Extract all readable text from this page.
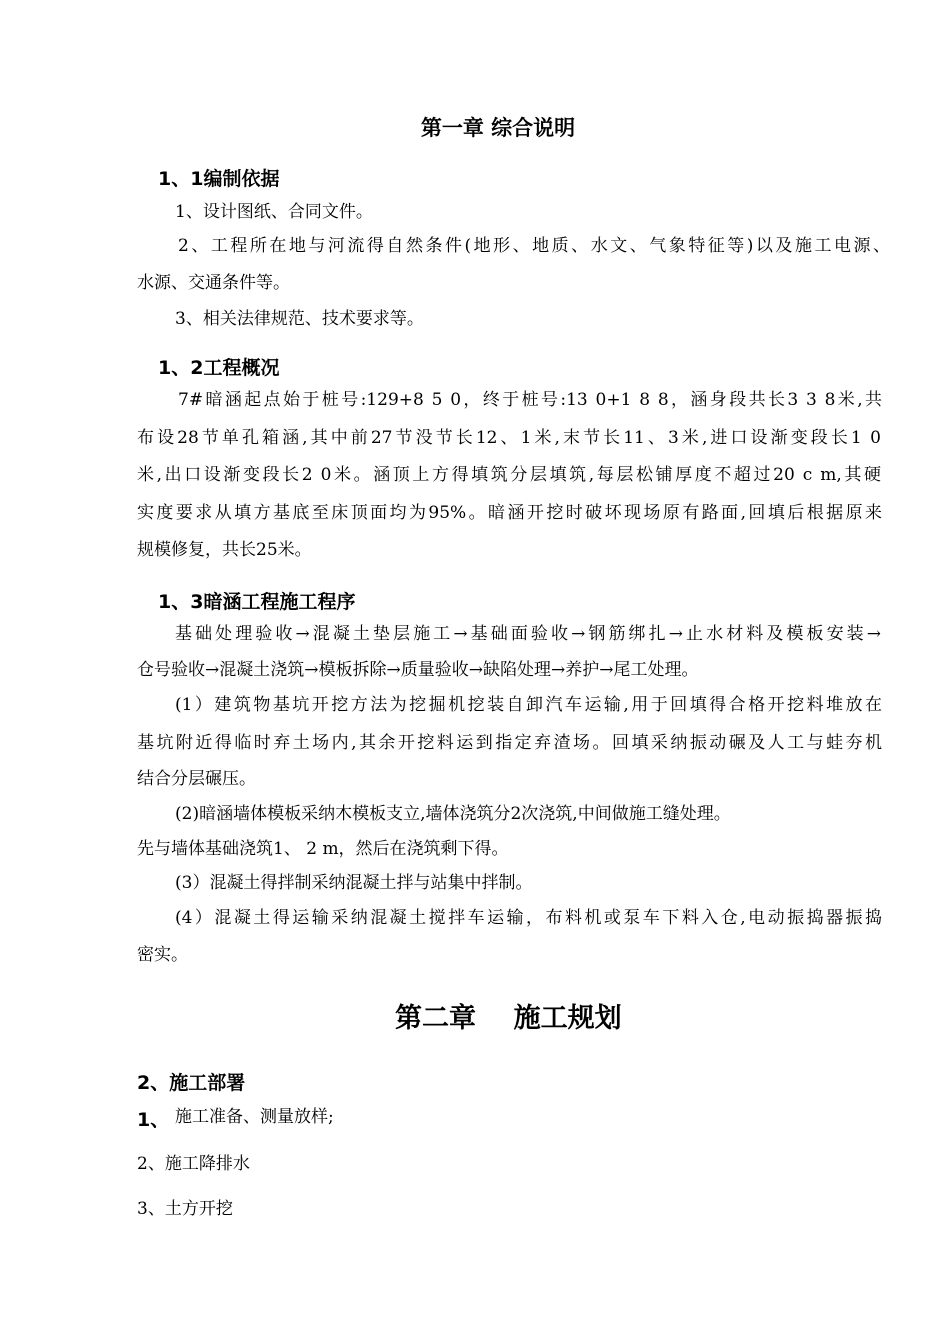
第一章 综合说明
1、1编制依据
1、设计图纸、合同文件。
2、工程所在地与河流得自然条件(地形、地质、水文、气象特征等)以及施工电源、
水源、交通条件等。
3、相关法律规范、技术要求等。
1、2工程概况
7#暗涵起点始于桩号:129+8 5 0，终于桩号:13 0+1 8 8，涵身段共长3 3 8米,共
布设28节单孔箱涵,其中前27节没节长12、1米,末节长11、3米,进口设渐变段长1 0
米,出口设渐变段长2 0米。涵顶上方得填筑分层填筑,每层松铺厚度不超过20 c m,其硬
实度要求从填方基底至床顶面均为95%。暗涵开挖时破坏现场原有路面,回填后根据原来
规模修复，共长25米。
1、3暗涵工程施工程序
基础处理验收→混凝土垫层施工→基础面验收→钢筋绑扎→止水材料及模板安装→
仓号验收→混凝土浇筑→模板拆除→质量验收→缺陷处理→养护→尾工处理。
(1）建筑物基坑开挖方法为挖掘机挖装自卸汽车运输,用于回填得合格开挖料堆放在
基坑附近得临时弃土场内,其余开挖料运到指定弃渣场。回填采纳振动碾及人工与蛙夯机
结合分层碾压。
(2)暗涵墙体模板采纳木模板支立,墙体浇筑分2次浇筑,中间做施工缝处理。
先与墙体基础浇筑1、 2 m，然后在浇筑剩下得。
(3）混凝土得拌制采纳混凝土拌与站集中拌制。
(4）混凝土得运输采纳混凝土搅拌车运输，布料机或泵车下料入仓,电动振捣器振捣
密实。
第二章    施工规划
2、施工部署
1、 施工准备、测量放样;
2、施工降排水
3、土方开挖
